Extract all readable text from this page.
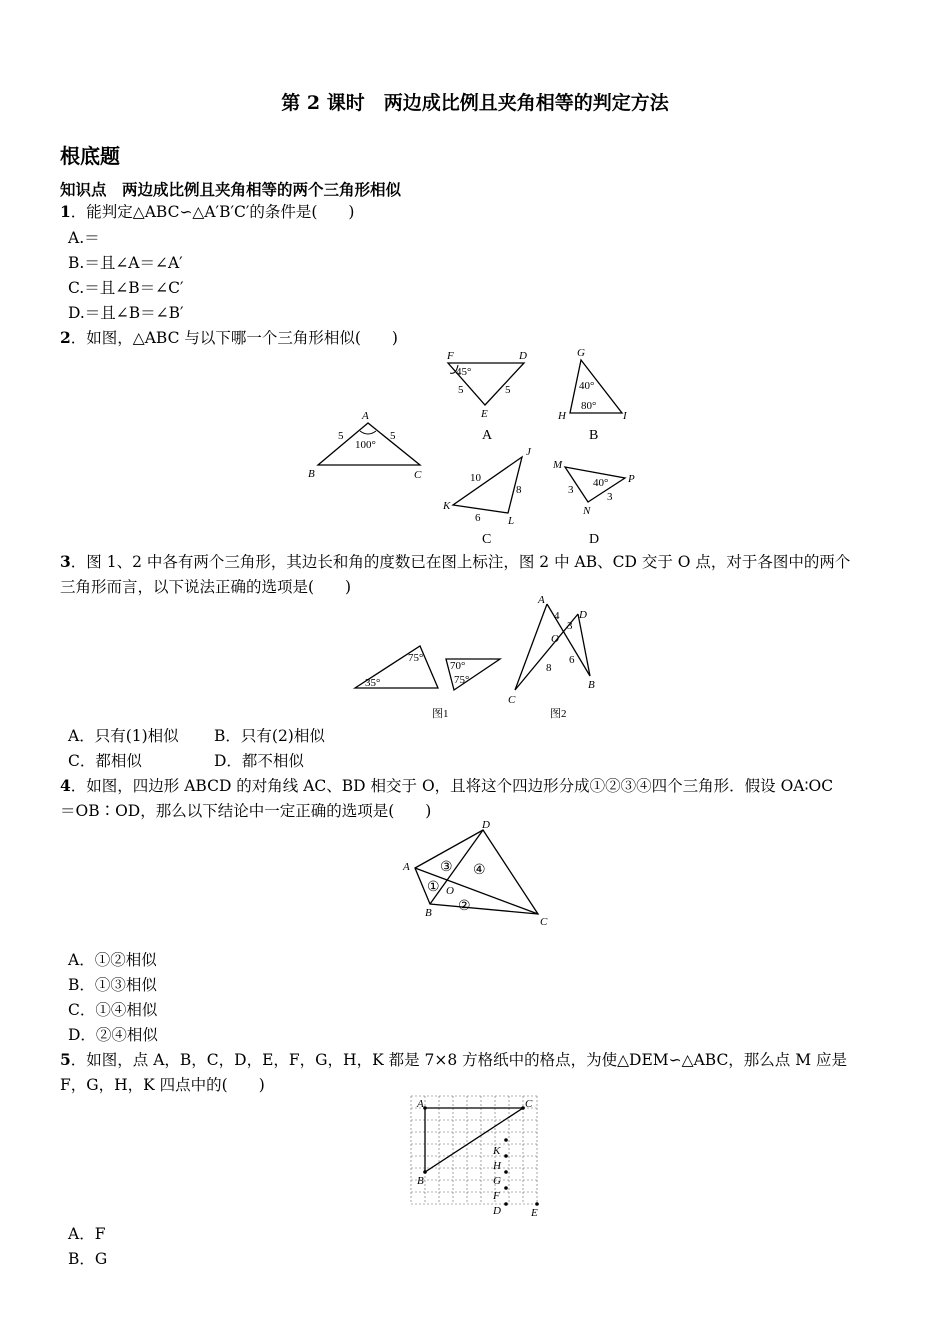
第 2 课时　两边成比例且夹角相等的判定方法
根底题
知识点　两边成比例且夹角相等的两个三角形相似
1．能判定△ABC∽△A′B′C′的条件是(　　)
A.＝
B.＝且∠A＝∠A′
C.＝且∠B＝∠C′
D.＝且∠B＝∠B′
2．如图，△ABC 与以下哪一个三角形相似(　　)
A
B	C
5	5
100°
F	D
E
45°
5	5
A
G
H	I
40°
80°
B
J
K
L
10
8
6
C
M
N
P
3
3
40°
D
3．图 1、2 中各有两个三角形，其边长和角的度数已在图上标注，图 2 中 AB、CD 交于 O 点，对于各图中的两个
三角形而言，以下说法正确的选项是(　　)
75°
35°
70°
75°
图1
A
D
C
B
O
4
3
6
8
图2
A．只有(1)相似 B．只有(2)相似
C．都相似	D．都不相似
4．如图，四边形 ABCD 的对角线 AC、BD 相交于 O，且将这个四边形分成①②③④四个三角形．假设 OA∶OC
＝OB∶OD，那么以下结论中一定正确的选项是(　　)
A
D
C
B
O
①
②
③ ④
A．①②相似
B．①③相似
C．①④相似
D．②④相似
5．如图，点 A，B，C，D，E，F，G，H，K 都是 7×8 方格纸中的格点，为使△DEM∽△ABC，那么点 M 应是
F，G，H，K 四点中的(　　)
A
B
C
K
H
G
F
D	E
A．F
B．G
